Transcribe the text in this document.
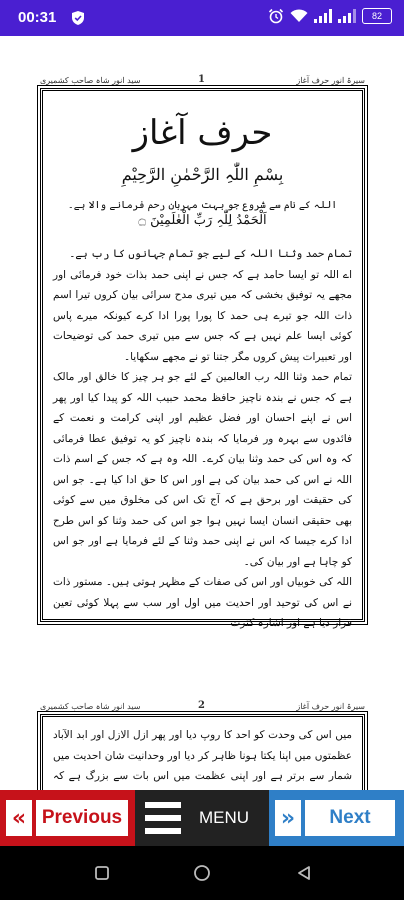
00:31	82
سید انور شاہ صاحب کشمیری	1	سیرۃ انور حرف آغاز
حرف آغاز
بِسْمِ اللّٰہِ الرَّحْمٰنِ الرَّحِیْمِ
اللہ کے نام سے شروع جو بہت مہربان رحم فرمانے والا ہے۔
اَلْحَمْدُ لِلّٰہِ رَبِّ الْعٰلَمِیْنَ ۝

تمام حمد وثنا اللہ کے لیے جو تمام جہانوں کا رب ہے۔

اے اللہ تو ایسا حامد ہے کہ جس نے اپنی حمد بذات خود فرمائی اور مجھے یہ توفیق بخشی کہ میں تیری مدح سرائی بیان کروں تیرا اسم ذات اللہ جو تیرے ہی حمد کا پورا پورا ادا کرے کیونکہ میرے پاس کوئی ایسا علم نہیں ہے کہ جس سے میں تیری حمد کی توضیحات اور تعبیرات پیش کروں مگر جتنا تو نے مجھے سکھایا۔

تمام حمد وثنا اللہ رب العالمین کے لئے جو ہر چیز کا خالق اور مالک ہے کہ جس نے بندہ ناچیز حافظ محمد حبیب اللہ کو پیدا کیا اور پھر اس نے اپنے احسان اور فضل عظیم اور اپنی کرامت و نعمت کے فائدوں سے بہرہ ور فرمایا کہ بندہ ناچیز کو یہ توفیق عطا فرمائی کہ وہ اس کی حمد وثنا بیان کرے۔ اللہ وہ ہے کہ جس کے اسم ذات اللہ نے اس کی حمد بیان کی ہے اور اس کا حق ادا کیا ہے۔ جو اس کی حقیقت اور برحق ہے کہ آج تک اس کی مخلوق میں سے کوئی بھی حقیقی انسان ایسا نہیں ہوا جو اس کی حمد وثنا کو اس طرح ادا کرے جیسا کہ اس نے اپنی حمد وثنا کے لئے فرمایا ہے اور جو اس کو چاہا ہے اور بیان کی۔

اللہ کی خوبیاں اور اس کی صفات کے مظہر ہوتی ہیں۔ مستور ذات نے اس کی توحید اور احدیت میں اول اور سب سے پہلا کوئی تعین قرار دیا ہے اور اشارہ کثرت

سید انور شاہ صاحب کشمیری	2	سیرۃ انور حرف آغاز

میں اس کی وحدت کو احد کا روپ دیا اور پھر ازل الازل اور ابد الآباد عظمتوں میں اپنا یکتا ہونا ظاہر کر دیا اور وحدانیت شان احدیت میں شمار سے برتر ہے اور اپنی عظمت میں اس بات سے بزرگ ہے کہ

« Previous	MENU »	Next
